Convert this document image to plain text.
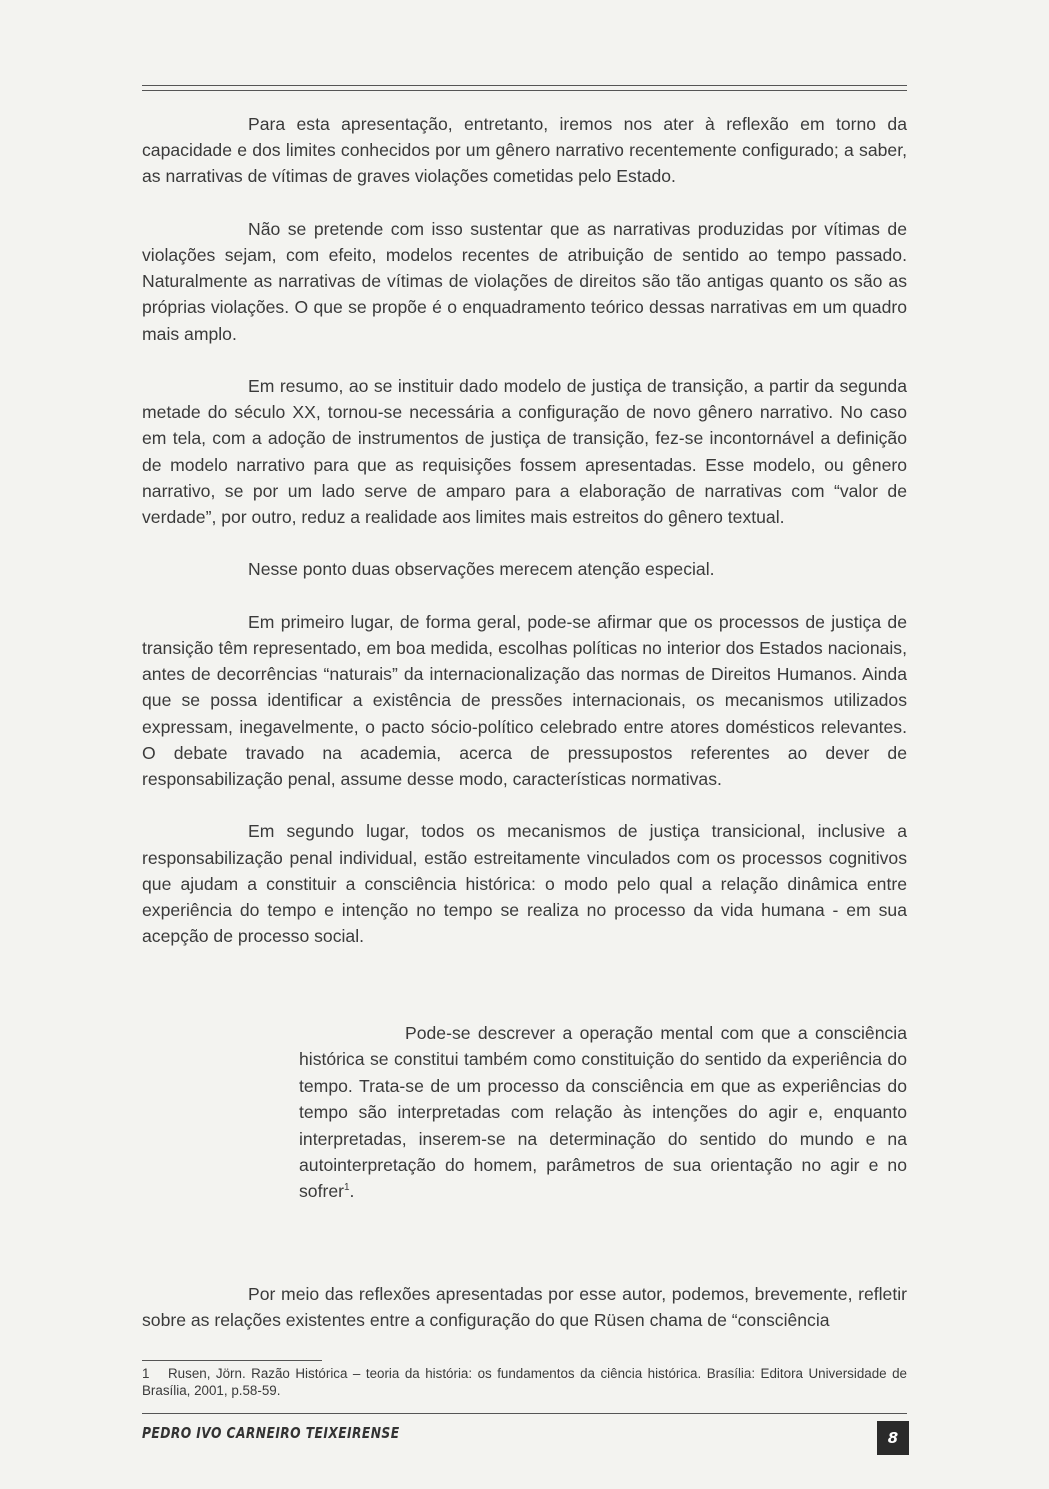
Para esta apresentação, entretanto, iremos nos ater à reflexão em torno da capacidade e dos limites conhecidos por um gênero narrativo recentemente configurado; a saber, as narrativas de vítimas de graves violações cometidas pelo Estado.

Não se pretende com isso sustentar que as narrativas produzidas por vítimas de violações sejam, com efeito, modelos recentes de atribuição de sentido ao tempo passado. Naturalmente as narrativas de vítimas de violações de direitos são tão antigas quanto os são as próprias violações. O que se propõe é o enquadramento teórico dessas narrativas em um quadro mais amplo.

Em resumo, ao se instituir dado modelo de justiça de transição, a partir da segunda metade do século XX, tornou-se necessária a configuração de novo gênero narrativo. No caso em tela, com a adoção de instrumentos de justiça de transição, fez-se incontornável a definição de modelo narrativo para que as requisições fossem apresentadas. Esse modelo, ou gênero narrativo, se por um lado serve de amparo para a elaboração de narrativas com “valor de verdade”, por outro, reduz a realidade aos limites mais estreitos do gênero textual.

Nesse ponto duas observações merecem atenção especial.

Em primeiro lugar, de forma geral, pode-se afirmar que os processos de justiça de transição têm representado, em boa medida, escolhas políticas no interior dos Estados nacionais, antes de decorrências “naturais” da internacionalização das normas de Direitos Humanos. Ainda que se possa identificar a existência de pressões internacionais, os mecanismos utilizados expressam, inegavelmente, o pacto sócio-político celebrado entre atores domésticos relevantes. O debate travado na academia, acerca de pressupostos referentes ao dever de responsabilização penal, assume desse modo, características normativas.

Em segundo lugar, todos os mecanismos de justiça transicional, inclusive a responsabilização penal individual, estão estreitamente vinculados com os processos cognitivos que ajudam a constituir a consciência histórica: o modo pelo qual a relação dinâmica entre experiência do tempo e intenção no tempo se realiza no processo da vida humana - em sua acepção de processo social.

Pode-se descrever a operação mental com que a consciência histórica se constitui também como constituição do sentido da experiência do tempo. Trata-se de um processo da consciência em que as experiências do tempo são interpretadas com relação às intenções do agir e, enquanto interpretadas, inserem-se na determinação do sentido do mundo e na autointerpretação do homem, parâmetros de sua orientação no agir e no sofrer$^1$.

Por meio das reflexões apresentadas por esse autor, podemos, brevemente, refletir sobre as relações existentes entre a configuração do que Rüsen chama de “consciência

1 Rusen, Jörn. Razão Histórica – teoria da história: os fundamentos da ciência histórica. Brasília: Editora Universidade de Brasília, 2001, p.58-59.
PEDRO IVO CARNEIRO TEIXEIRENSE	8
